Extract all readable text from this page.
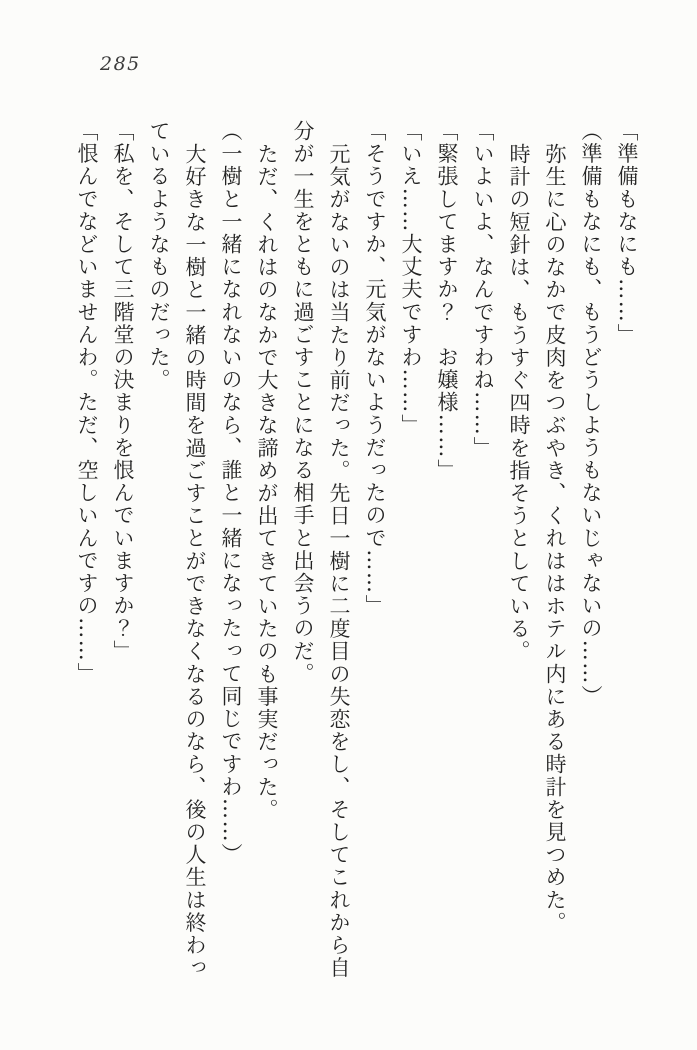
285
「準備もなにも……」
（準備もなにも、もうどうしようもないじゃないの……）
弥生に心のなかで皮肉をつぶやき、くれははホテル内にある時計を見つめた。
時計の短針は、もうすぐ四時を指そうとしている。
「いよいよ、なんですわね……」
「緊張してますか？　お嬢様……」
「いえ……大丈夫ですわ……」
「そうですか、元気がないようだったので……」
元気がないのは当たり前だった。先日一樹に二度目の失恋をし、そしてこれから自
分が一生をともに過ごすことになる相手と出会うのだ。
ただ、くれはのなかで大きな諦めが出てきていたのも事実だった。
（一樹と一緒になれないのなら、誰と一緒になったって同じですわ……）
大好きな一樹と一緒の時間を過ごすことができなくなるのなら、後の人生は終わっ
ているようなものだった。
「私を、そして三階堂の決まりを恨んでいますか？」
「恨んでなどいませんわ。ただ、空しいんですの……」
